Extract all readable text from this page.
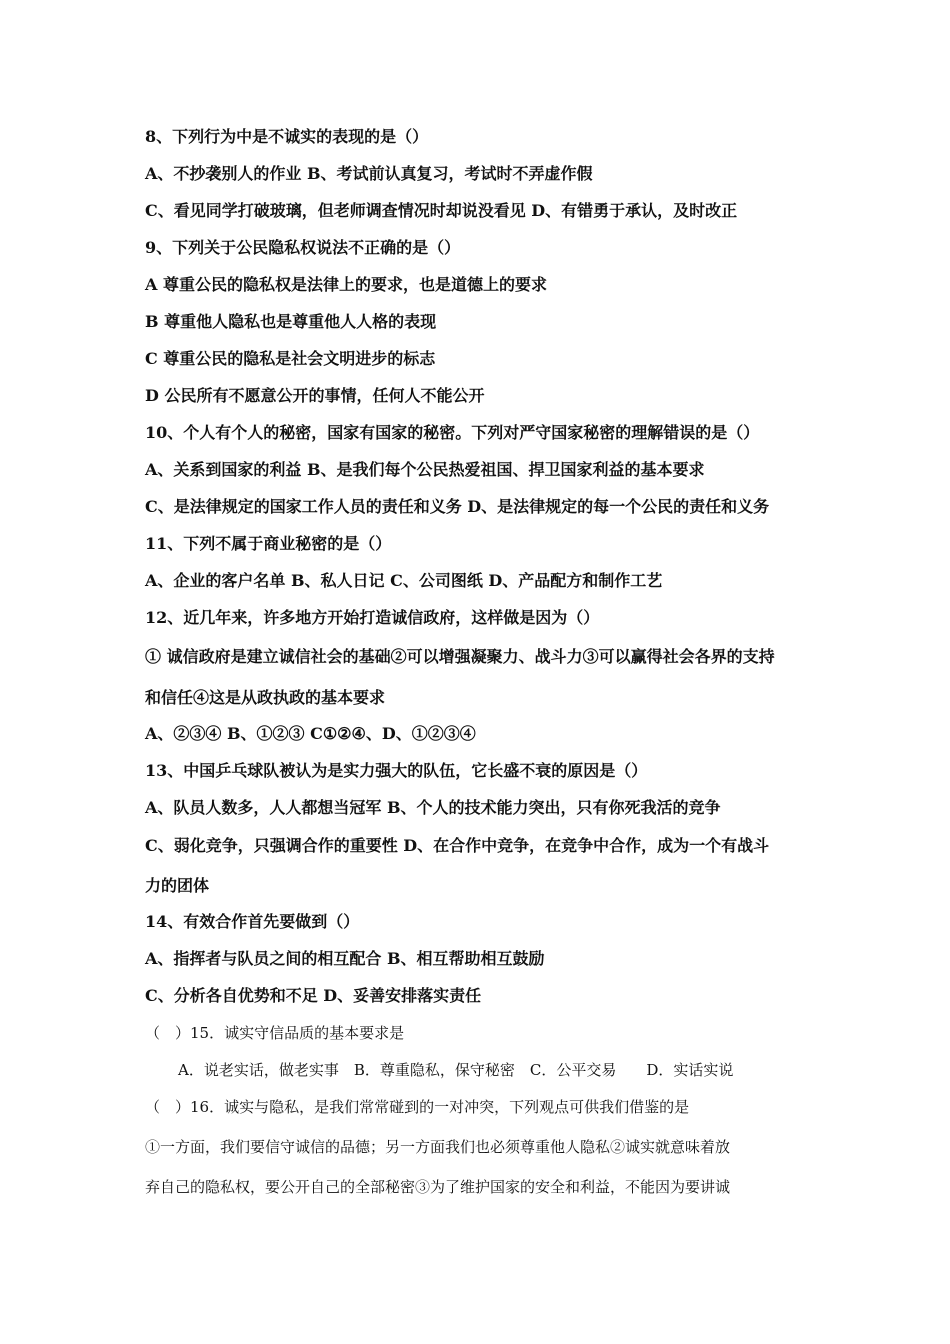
8、下列行为中是不诚实的表现的是（）
A、不抄袭别人的作业 B、考试前认真复习，考试时不弄虚作假
C、看见同学打破玻璃，但老师调查情况时却说没看见 D、有错勇于承认，及时改正
9、下列关于公民隐私权说法不正确的是（）
A 尊重公民的隐私权是法律上的要求，也是道德上的要求
B 尊重他人隐私也是尊重他人人格的表现
C 尊重公民的隐私是社会文明进步的标志
D 公民所有不愿意公开的事情，任何人不能公开
10、个人有个人的秘密，国家有国家的秘密。下列对严守国家秘密的理解错误的是（）
A、关系到国家的利益 B、是我们每个公民热爱祖国、捍卫国家利益的基本要求
C、是法律规定的国家工作人员的责任和义务 D、是法律规定的每一个公民的责任和义务
11、下列不属于商业秘密的是（）
A、企业的客户名单 B、私人日记 C、公司图纸 D、产品配方和制作工艺
12、近几年来，许多地方开始打造诚信政府，这样做是因为（）
① 诚信政府是建立诚信社会的基础②可以增强凝聚力、战斗力③可以赢得社会各界的支持
和信任④这是从政执政的基本要求
A、②③④ B、①②③ C①②④、D、①②③④
13、中国乒乓球队被认为是实力强大的队伍，它长盛不衰的原因是（）
A、队员人数多，人人都想当冠军 B、个人的技术能力突出，只有你死我活的竞争
C、弱化竞争，只强调合作的重要性 D、在合作中竞争，在竞争中合作，成为一个有战斗
力的团体
14、有效合作首先要做到（）
A、指挥者与队员之间的相互配合 B、相互帮助相互鼓励
C、分析各自优势和不足 D、妥善安排落实责任
（　）15．诚实守信品质的基本要求是
A．说老实话，做老实事　B．尊重隐私，保守秘密　C．公平交易　　D．实话实说
（　）16．诚实与隐私，是我们常常碰到的一对冲突，下列观点可供我们借鉴的是
①一方面，我们要信守诚信的品德；另一方面我们也必须尊重他人隐私②诚实就意味着放
弃自己的隐私权，要公开自己的全部秘密③为了维护国家的安全和利益，不能因为要讲诚
